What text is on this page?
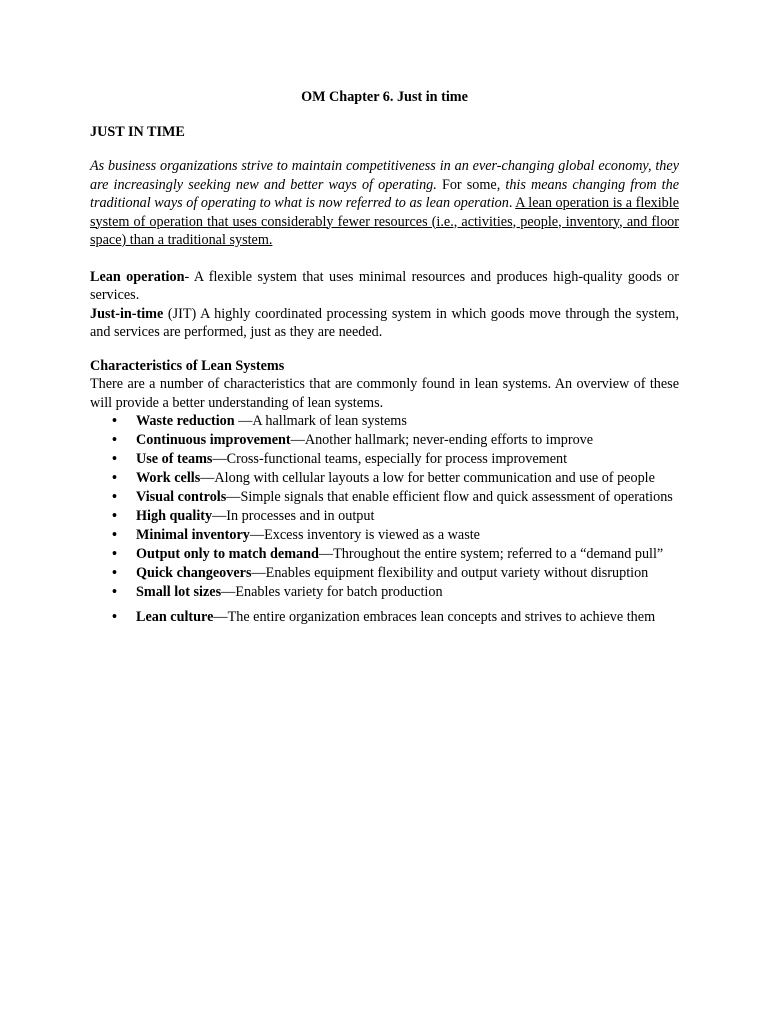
OM Chapter 6. Just in time
JUST IN TIME

As business organizations strive to maintain competitiveness in an ever-changing global economy, they are increasingly seeking new and better ways of operating. For some, this means changing from the traditional ways of operating to what is now referred to as lean operation. A lean operation is a flexible system of operation that uses considerably fewer resources (i.e., activities, people, inventory, and floor space) than a traditional system.

Lean operation- A flexible system that uses minimal resources and produces high-quality goods or services.

Just-in-time (JIT) A highly coordinated processing system in which goods move through the system, and services are performed, just as they are needed.

Characteristics of Lean Systems

There are a number of characteristics that are commonly found in lean systems. An overview of these will provide a better understanding of lean systems.

• Waste reduction —A hallmark of lean systems
• Continuous improvement—Another hallmark; never-ending efforts to improve
• Use of teams—Cross-functional teams, especially for process improvement
• Work cells—Along with cellular layouts a low for better communication and use of people
• Visual controls—Simple signals that enable efficient flow and quick assessment of operations
• High quality—In processes and in output
• Minimal inventory—Excess inventory is viewed as a waste
• Output only to match demand—Throughout the entire system; referred to a “demand pull”
• Quick changeovers—Enables equipment flexibility and output variety without disruption
• Small lot sizes—Enables variety for batch production
• Lean culture—The entire organization embraces lean concepts and strives to achieve them
